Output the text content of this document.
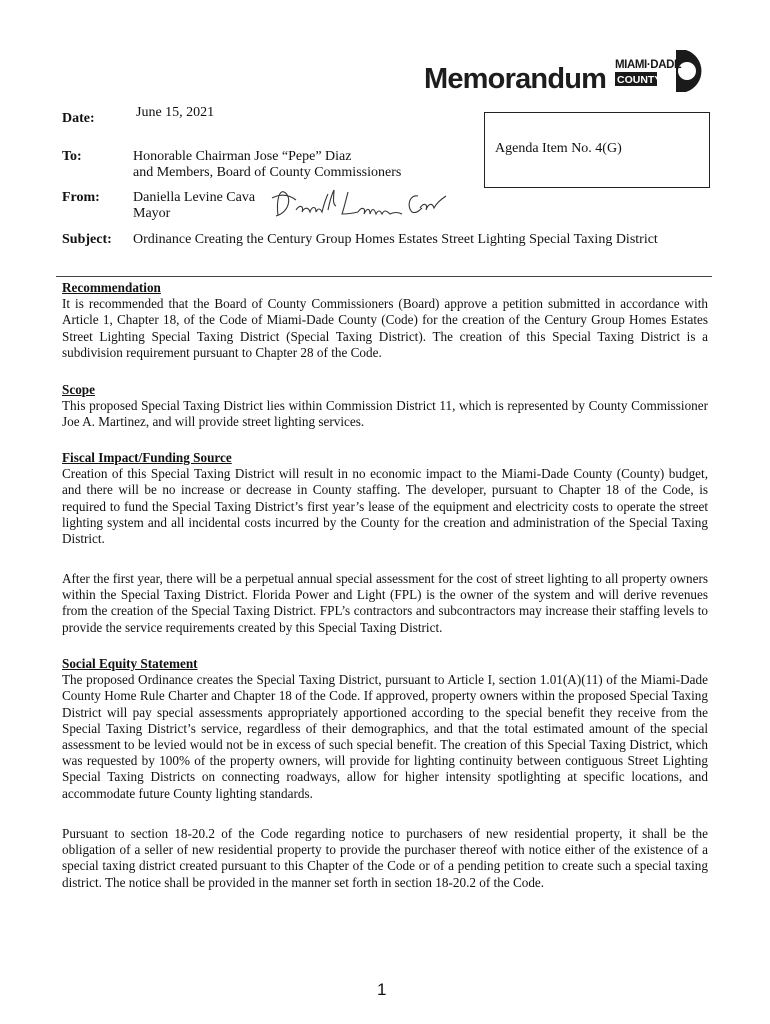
Memorandum MIAMI·DADE
COUNTY
Date:	June 15, 2021
To:	Honorable Chairman Jose “Pepe” Diaz
and Members, Board of County Commissioners
From: Daniella Levine Cava
Mayor
Subject: Ordinance Creating the Century Group Homes Estates Street Lighting Special Taxing District
Agenda Item No. 4(G)

Recommendation

It is recommended that the Board of County Commissioners (Board) approve a petition submitted in accordance with Article 1, Chapter 18, of the Code of Miami-Dade County (Code) for the creation of the Century Group Homes Estates Street Lighting Special Taxing District (Special Taxing District). The creation of this Special Taxing District is a subdivision requirement pursuant to Chapter 28 of the Code.

Scope

This proposed Special Taxing District lies within Commission District 11, which is represented by County Commissioner Joe A. Martinez, and will provide street lighting services.

Fiscal Impact/Funding Source

Creation of this Special Taxing District will result in no economic impact to the Miami-Dade County (County) budget, and there will be no increase or decrease in County staffing. The developer, pursuant to Chapter 18 of the Code, is required to fund the Special Taxing District’s first year’s lease of the equipment and electricity costs to operate the street lighting system and all incidental costs incurred by the County for the creation and administration of the Special Taxing District.

After the first year, there will be a perpetual annual special assessment for the cost of street lighting to all property owners within the Special Taxing District. Florida Power and Light (FPL) is the owner of the system and will derive revenues from the creation of the Special Taxing District. FPL’s contractors and subcontractors may increase their staffing levels to provide the service requirements created by this Special Taxing District.

Social Equity Statement

The proposed Ordinance creates the Special Taxing District, pursuant to Article I, section 1.01(A)(11) of the Miami-Dade County Home Rule Charter and Chapter 18 of the Code. If approved, property owners within the proposed Special Taxing District will pay special assessments appropriately apportioned according to the special benefit they receive from the Special Taxing District’s service, regardless of their demographics, and that the total estimated amount of the special assessment to be levied would not be in excess of such special benefit. The creation of this Special Taxing District, which was requested by 100% of the property owners, will provide for lighting continuity between contiguous Street Lighting Special Taxing Districts on connecting roadways, allow for higher intensity spotlighting at specific locations, and accommodate future County lighting standards.

Pursuant to section 18-20.2 of the Code regarding notice to purchasers of new residential property, it shall be the obligation of a seller of new residential property to provide the purchaser thereof with notice either of the existence of a special taxing district created pursuant to this Chapter of the Code or of a pending petition to create such a special taxing district. The notice shall be provided in the manner set forth in section 18-20.2 of the Code.

1
